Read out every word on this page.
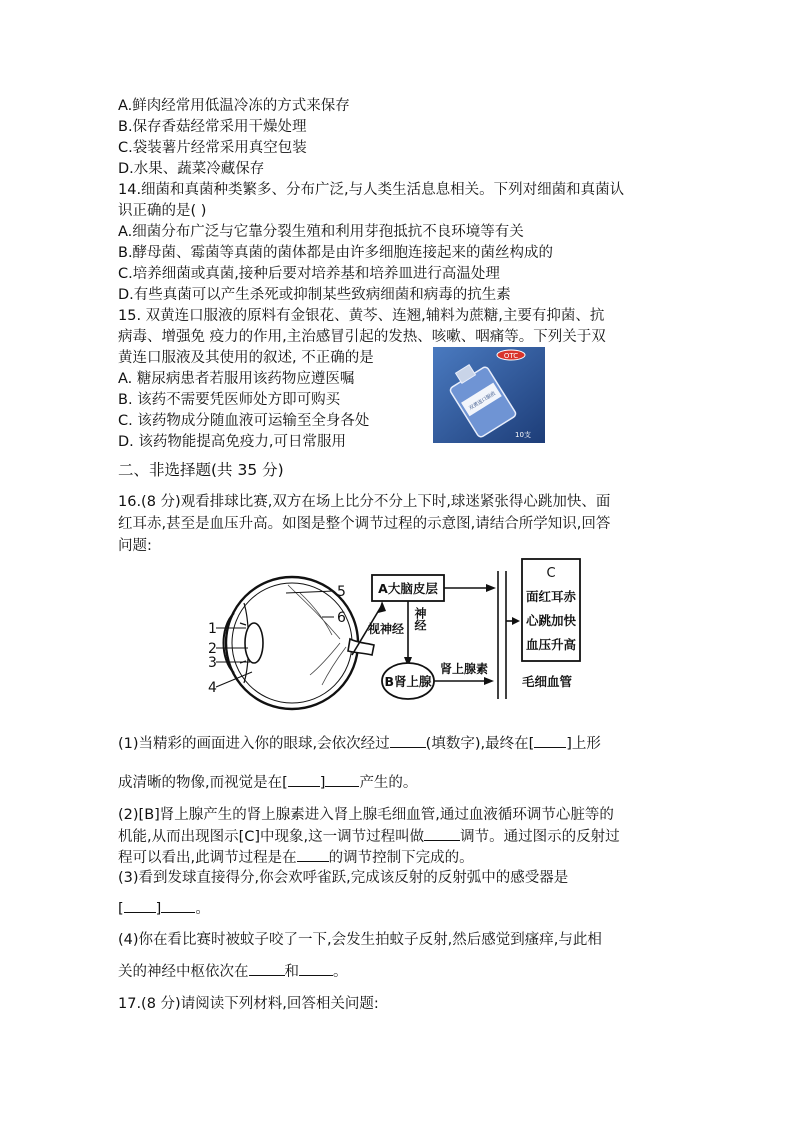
A.鲜肉经常用低温冷冻的方式来保存
B.保存香菇经常采用干燥处理
C.袋装薯片经常采用真空包装
D.水果、蔬菜冷藏保存
14.细菌和真菌种类繁多、分布广泛,与人类生活息息相关。下列对细菌和真菌认
识正确的是( )
A.细菌分布广泛与它靠分裂生殖和利用芽孢抵抗不良环境等有关
B.酵母菌、霉菌等真菌的菌体都是由许多细胞连接起来的菌丝构成的
C.培养细菌或真菌,接种后要对培养基和培养皿进行高温处理
D.有些真菌可以产生杀死或抑制某些致病细菌和病毒的抗生素
15. 双黄连口服液的原料有金银花、黄芩、连翘,辅料为蔗糖,主要有抑菌、抗
病毒、增强免 疫力的作用,主治感冒引起的发热、咳嗽、咽痛等。下列关于双
黄连口服液及其使用的叙述, 不正确的是
A. 糖尿病患者若服用该药物应遵医嘱
B. 该药不需要凭医师处方即可购买
C. 该药物成分随血液可运输至全身各处
D. 该药物能提高免疫力,可日常服用
OTC
双黄连口服液
10支
二、非选择题(共 35 分)
16.(8 分)观看排球比赛,双方在场上比分不分上下时,球迷紧张得心跳加快、面
红耳赤,甚至是血压升高。如图是整个调节过程的示意图,请结合所学知识,回答
问题:
1
2
3
4
5
6
A大脑皮层
视神经 神经
B肾上腺
肾上腺素
毛细血管
C
面红耳赤
心跳加快
血压升高
(1)当精彩的画面进入你的眼球,会依次经过 (填数字),最终在[ ]上形
成清晰的物像,而视觉是在[ ] 产生的。
(2)[B]肾上腺产生的肾上腺素进入肾上腺毛细血管,通过血液循环调节心脏等的
机能,从而出现图示[C]中现象,这一调节过程叫做 调节。通过图示的反射过
程可以看出,此调节过程是在 的调节控制下完成的。
(3)看到发球直接得分,你会欢呼雀跃,完成该反射的反射弧中的感受器是
[ ] 。
(4)你在看比赛时被蚊子咬了一下,会发生拍蚊子反射,然后感觉到瘙痒,与此相
关的神经中枢依次在 和 。
17.(8 分)请阅读下列材料,回答相关问题:
